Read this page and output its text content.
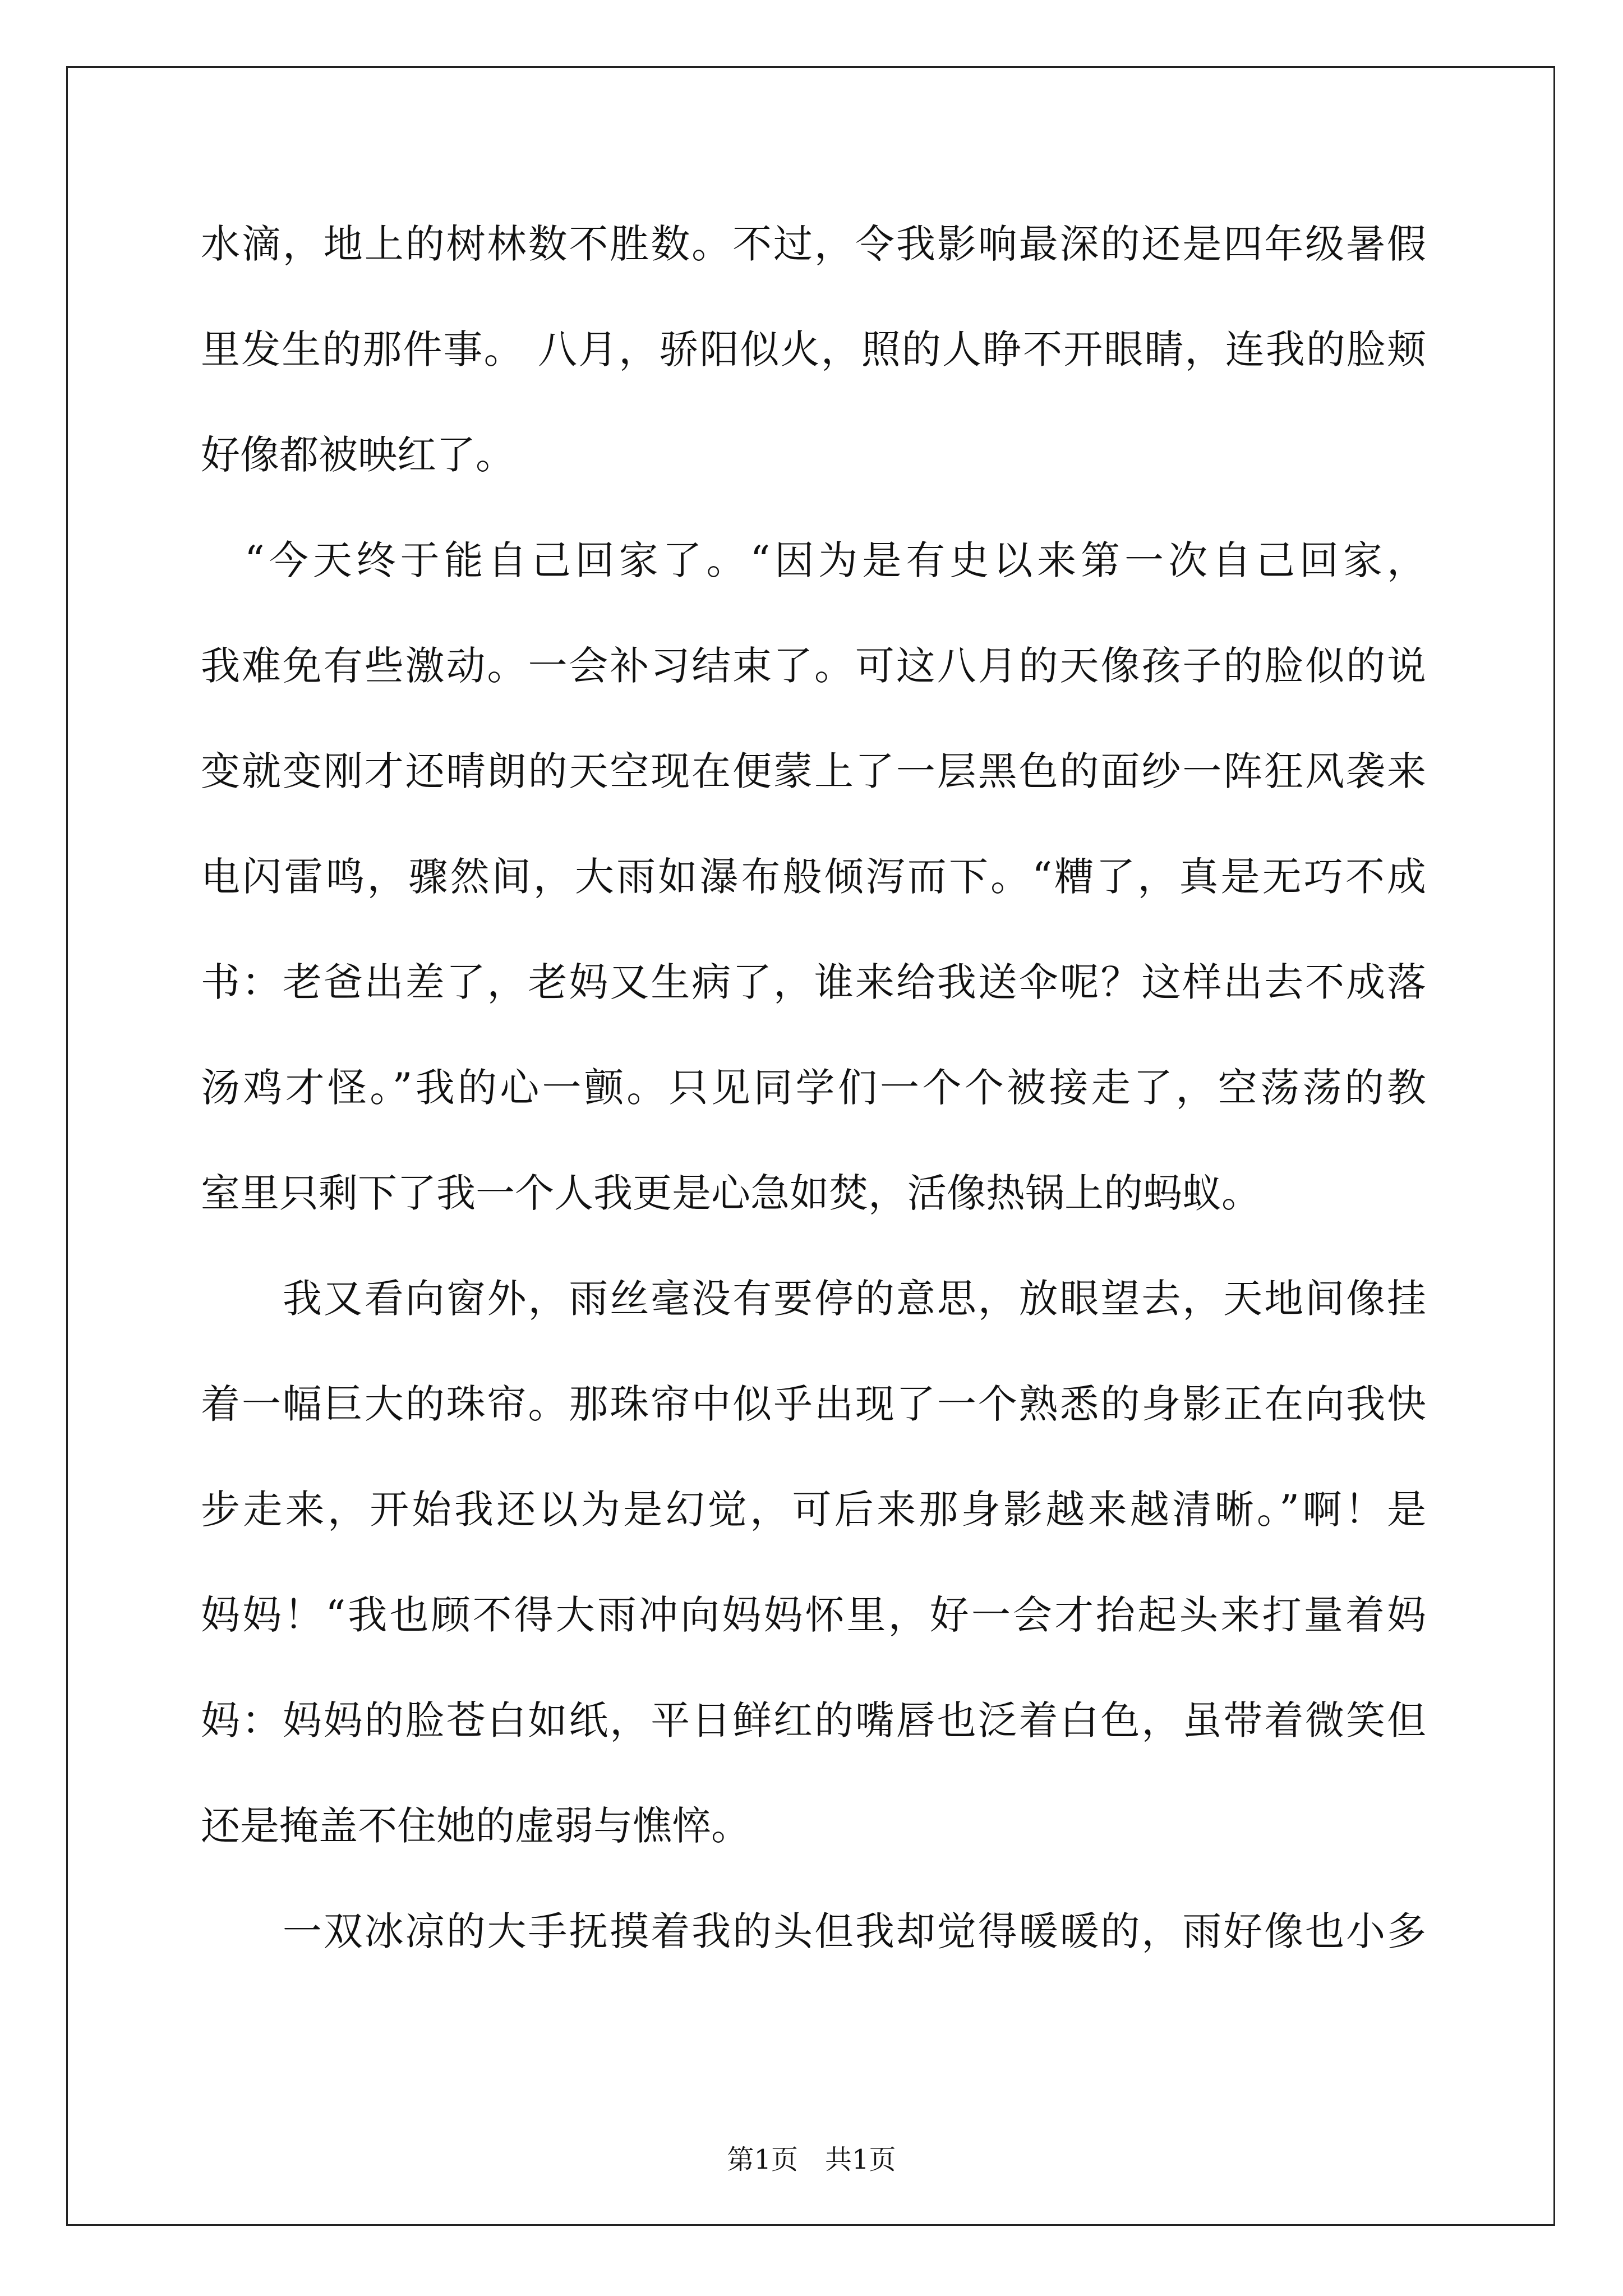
水滴，地上的树林数不胜数。不过，令我影响最深的还是四年级暑假
里发生的那件事。 八月，骄阳似火，照的人睁不开眼睛，连我的脸颊
好像都被映红了。
　“今天终于能自己回家了。“因为是有史以来第一次自己回家，
我难免有些激动。一会补习结束了。可这八月的天像孩子的脸似的说
变就变刚才还晴朗的天空现在便蒙上了一层黑色的面纱一阵狂风袭来
电闪雷鸣，骤然间，大雨如瀑布般倾泻而下。“糟了，真是无巧不成
书：老爸出差了，老妈又生病了，谁来给我送伞呢？这样出去不成落
汤鸡才怪。”我的心一颤。只见同学们一个个被接走了，空荡荡的教
室里只剩下了我一个人我更是心急如焚，活像热锅上的蚂蚁。
　　我又看向窗外，雨丝毫没有要停的意思，放眼望去，天地间像挂
着一幅巨大的珠帘。那珠帘中似乎出现了一个熟悉的身影正在向我快
步走来，开始我还以为是幻觉，可后来那身影越来越清晰。”啊！是
妈妈！“我也顾不得大雨冲向妈妈怀里，好一会才抬起头来打量着妈
妈：妈妈的脸苍白如纸，平日鲜红的嘴唇也泛着白色，虽带着微笑但
还是掩盖不住她的虚弱与憔悴。
　　一双冰凉的大手抚摸着我的头但我却觉得暖暖的，雨好像也小多
第1页　共1页
